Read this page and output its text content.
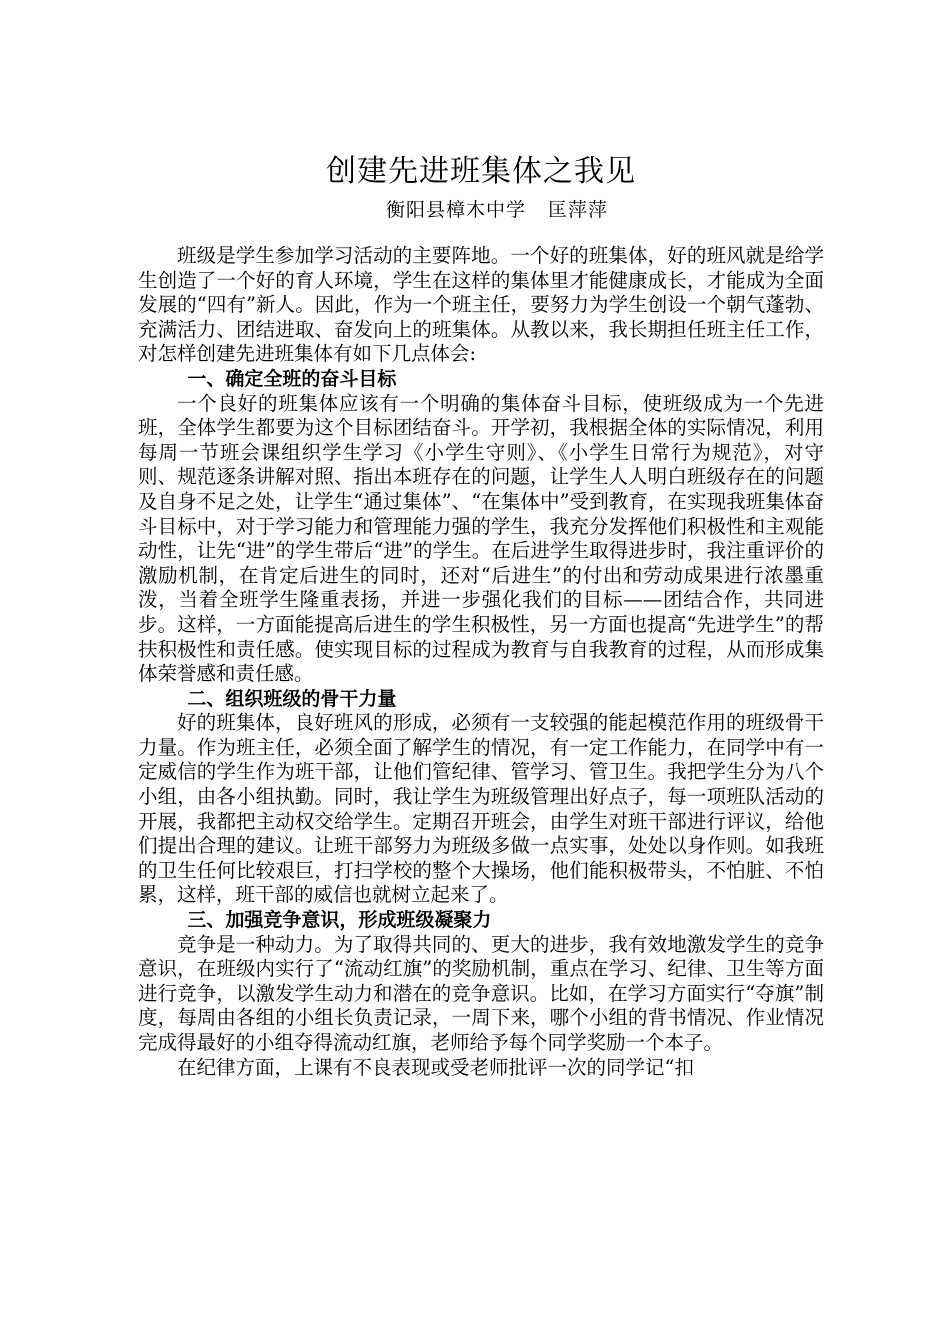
创建先进班集体之我见
衡阳县樟木中学 匡萍萍

班级是学生参加学习活动的主要阵地。一个好的班集体，好的班风就是给学生创造了一个好的育人环境，学生在这样的集体里才能健康成长，才能成为全面发展的“四有”新人。因此，作为一个班主任，要努力为学生创设一个朝气蓬勃、充满活力、团结进取、奋发向上的班集体。从教以来，我长期担任班主任工作，对怎样创建先进班集体有如下几点体会:

一、确定全班的奋斗目标

一个良好的班集体应该有一个明确的集体奋斗目标，使班级成为一个先进班，全体学生都要为这个目标团结奋斗。开学初，我根据全体的实际情况，利用每周一节班会课组织学生学习《小学生守则》、《小学生日常行为规范》，对守则、规范逐条讲解对照、指出本班存在的问题，让学生人人明白班级存在的问题及自身不足之处，让学生“通过集体”、“在集体中”受到教育，在实现我班集体奋斗目标中，对于学习能力和管理能力强的学生，我充分发挥他们积极性和主观能动性，让先“进”的学生带后“进”的学生。在后进学生取得进步时，我注重评价的激励机制，在肯定后进生的同时，还对“后进生”的付出和劳动成果进行浓墨重泼，当着全班学生隆重表扬，并进一步强化我们的目标——团结合作，共同进步。这样，一方面能提高后进生的学生积极性，另一方面也提高“先进学生”的帮扶积极性和责任感。使实现目标的过程成为教育与自我教育的过程，从而形成集体荣誉感和责任感。

二、组织班级的骨干力量

好的班集体，良好班风的形成，必须有一支较强的能起模范作用的班级骨干力量。作为班主任，必须全面了解学生的情况，有一定工作能力，在同学中有一定威信的学生作为班干部，让他们管纪律、管学习、管卫生。我把学生分为八个小组，由各小组执勤。同时，我让学生为班级管理出好点子，每一项班队活动的开展，我都把主动权交给学生。定期召开班会，由学生对班干部进行评议，给他们提出合理的建议。让班干部努力为班级多做一点实事，处处以身作则。如我班的卫生任何比较艰巨，打扫学校的整个大操场，他们能积极带头，不怕脏、不怕累，这样，班干部的威信也就树立起来了。

三、加强竞争意识，形成班级凝聚力

竞争是一种动力。为了取得共同的、更大的进步，我有效地激发学生的竞争意识，在班级内实行了“流动红旗”的奖励机制，重点在学习、纪律、卫生等方面进行竞争，以激发学生动力和潜在的竞争意识。比如，在学习方面实行“夺旗”制度，每周由各组的小组长负责记录，一周下来，哪个小组的背书情况、作业情况完成得最好的小组夺得流动红旗，老师给予每个同学奖励一个本子。

在纪律方面，上课有不良表现或受老师批评一次的同学记“扣
